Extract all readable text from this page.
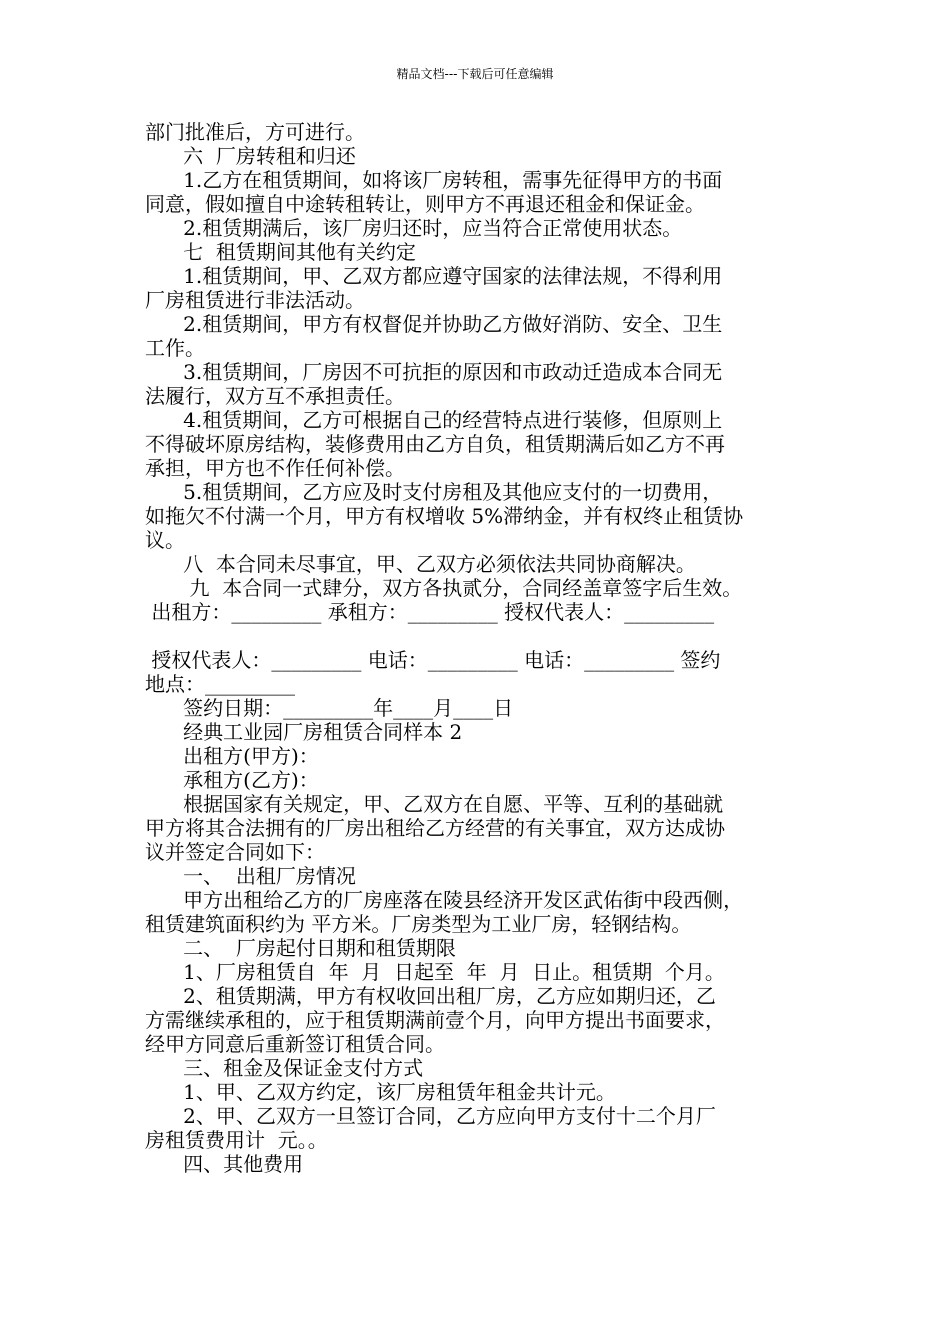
精品文档---下载后可任意编辑
部门批准后，方可进行。
六  厂房转租和归还
1.乙方在租赁期间，如将该厂房转租，需事先征得甲方的书面
同意，假如擅自中途转租转让，则甲方不再退还租金和保证金。
2.租赁期满后，该厂房归还时，应当符合正常使用状态。
七  租赁期间其他有关约定
1.租赁期间，甲、乙双方都应遵守国家的法律法规，不得利用
厂房租赁进行非法活动。
2.租赁期间，甲方有权督促并协助乙方做好消防、安全、卫生
工作。
3.租赁期间，厂房因不可抗拒的原因和市政动迁造成本合同无
法履行，双方互不承担责任。
4.租赁期间，乙方可根据自己的经营特点进行装修，但原则上
不得破坏原房结构，装修费用由乙方自负，租赁期满后如乙方不再
承担，甲方也不作任何补偿。
5.租赁期间，乙方应及时支付房租及其他应支付的一切费用，
如拖欠不付满一个月，甲方有权增收 5%滞纳金，并有权终止租赁协
议。
八  本合同未尽事宜，甲、乙双方必须依法共同协商解决。
九  本合同一式肆分，双方各执贰分，合同经盖章签字后生效。
出租方：_________ 承租方：_________ 授权代表人：_________
授权代表人：_________ 电话：_________ 电话：_________ 签约
地点：_________
签约日期：_________年____月____日
经典工业园厂房租赁合同样本 2
出租方(甲方)：
承租方(乙方)：
根据国家有关规定，甲、乙双方在自愿、平等、互利的基础就
甲方将其合法拥有的厂房出租给乙方经营的有关事宜，双方达成协
议并签定合同如下：
一、  出租厂房情况
甲方出租给乙方的厂房座落在陵县经济开发区武佑街中段西侧，
租赁建筑面积约为 平方米。厂房类型为工业厂房，轻钢结构。
二、  厂房起付日期和租赁期限
1、厂房租赁自  年  月  日起至  年  月  日止。租赁期  个月。
2、租赁期满，甲方有权收回出租厂房，乙方应如期归还，乙
方需继续承租的，应于租赁期满前壹个月，向甲方提出书面要求，
经甲方同意后重新签订租赁合同。
三、租金及保证金支付方式
1、甲、乙双方约定，该厂房租赁年租金共计元。
2、甲、乙双方一旦签订合同，乙方应向甲方支付十二个月厂
房租赁费用计  元。。
四、其他费用
